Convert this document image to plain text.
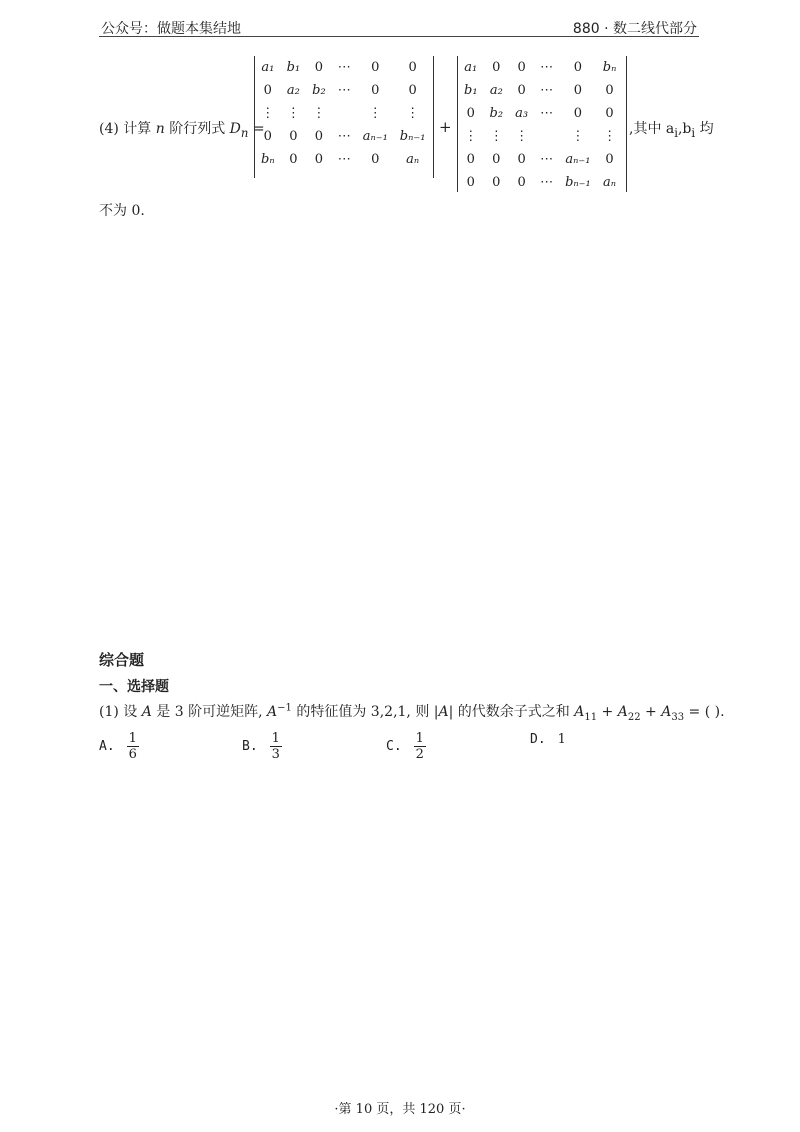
公众号：做题本集结地	880 · 数二线代部分
(4) 计算 n 阶行列式 $D_n$ =
a₁	b₁	0	⋯	0	0
0	a₂	b₂	⋯	0	0
⋮	⋮	⋮		⋮	⋮
0	0	0	⋯	aₙ₋₁	bₙ₋₁
bₙ	0	0	⋯	0	aₙ
+
a₁	0	0	⋯	0	bₙ
b₁	a₂	0	⋯	0	0
0	b₂	a₃	⋯	0	0
⋮	⋮	⋮		⋮	⋮
0	0	0	⋯	aₙ₋₁	0
0	0	0	⋯	bₙ₋₁	aₙ
,其中 $a_i,b_i$ 均
不为 0.
综合题
一、选择题
(1) 设 A 是 3 阶可逆矩阵, $A^{-1}$ 的特征值为 3,2,1, 则 |A| 的代数余子式之和 $A_{11} + A_{22} + A_{33}$ = ( ).
A. $\frac{1}{6}$	B. $\frac{1}{3}$	C. $\frac{1}{2}$	D. 1
·第 10 页，共 120 页·
